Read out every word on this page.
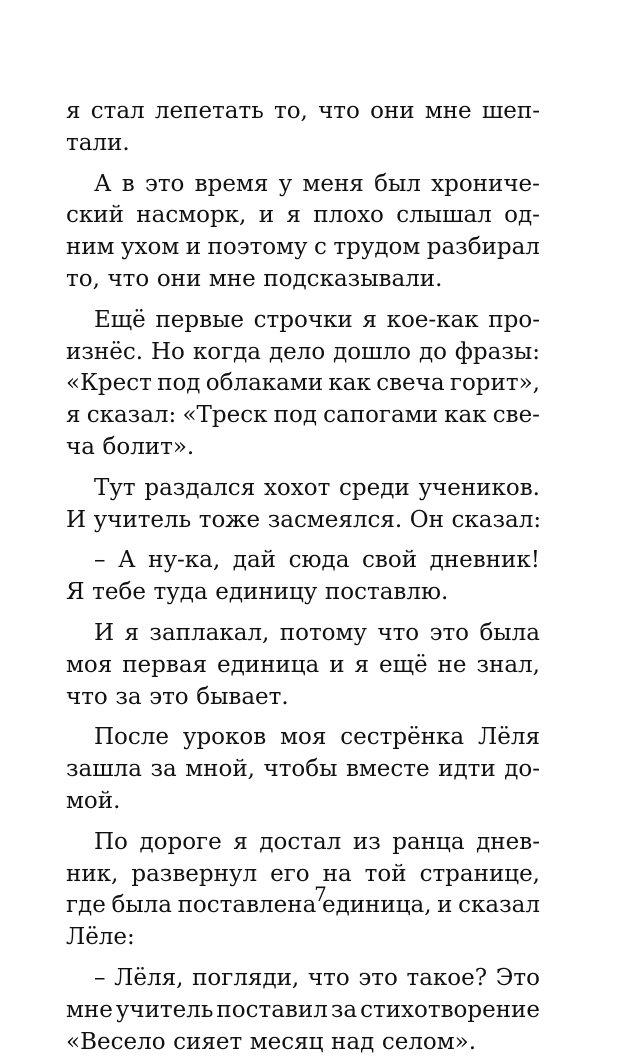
я стал лепетать то, что они мне шеп-
тали.
А в это время у меня был хрониче-
ский насморк, и я плохо слышал од-
ним ухом и поэтому с трудом разбирал
то, что они мне подсказывали.
Ещё первые строчки я кое-как про-
изнёс. Но когда дело дошло до фразы:
«Крест под облаками как свеча горит»,
я сказал: «Треск под сапогами как све-
ча болит».
Тут раздался хохот среди учеников.
И учитель тоже засмеялся. Он сказал:
– А ну-ка, дай сюда свой дневник!
Я тебе туда единицу поставлю.
И я заплакал, потому что это была
моя первая единица и я ещё не знал,
что за это бывает.
После уроков моя сестрёнка Лёля
зашла за мной, чтобы вместе идти до-
мой.
По дороге я достал из ранца днев-
ник, развернул его на той странице,
где была поставлена единица, и сказал
Лёле:
– Лёля, погляди, что это такое? Это
мне учитель поставил за стихотворение
«Весело сияет месяц над селом».
7
